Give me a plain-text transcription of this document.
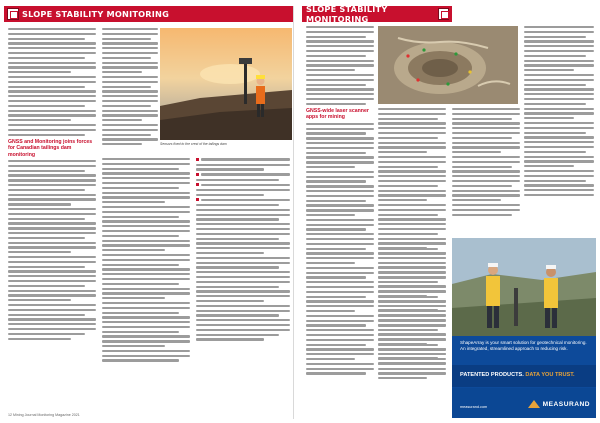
SLOPE STABILITY MONITORING
GNSS and Monitoring joins forces for Canadian tailings dam monitoring
Sensors fixed to the crest of the tailings dam
12 Mining Journal Monitoring Magazine 2021
SLOPE STABILITY MONITORING
GNSS-wide laser scanner apps for mining
ShapeArray is your smart solution for geotechnical monitoring. An integrated, streamlined approach to reducing risk.
PATENTED PRODUCTS. DATA YOU TRUST.
measurand.com	MEASURAND
